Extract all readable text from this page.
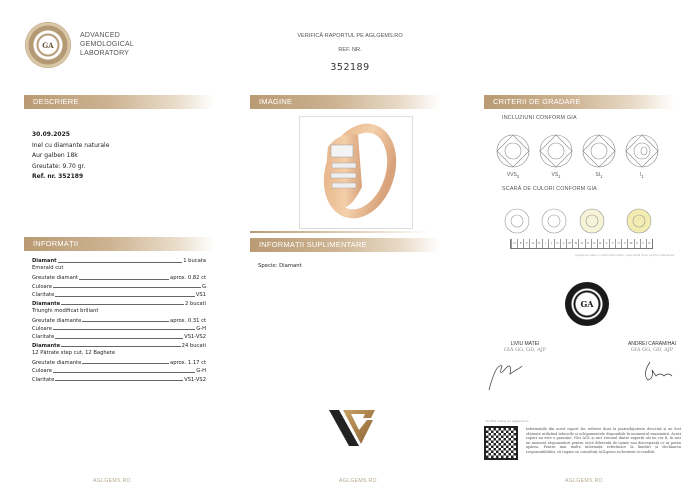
GA
ADVANCED
GEMOLOGICAL
LABORATORY
VERIFICĂ RAPORTUL PE AGLGEMS.RO
REF. NR.
352189
DESCRIERE	IMAGINE	CRITERII DE GRADARE
INFORMAȚII	INFORMAȚII SUPLIMENTARE
30.09.2025
Inel cu diamante naturale
Aur galben 18k
Greutate: 9.70 gr.
Ref. nr. 352189
Diamant	1 bucata
Emerald cut
Greutate diamant	aprox. 0.82 ct
Culoare	G
Claritate	VS1
Diamante	2 bucati
Triunghi modificat briliant
Greutate diamante	aprox. 0.31 ct
Culoare	G-H
Claritate	VS1-VS2
Diamante	24 bucati
12 Pătrate step cut, 12 Baghete
Greutate diamante	aprox. 1.17 ct
Culoare	G-H
Claritate	VS1-VS2
Specie: Diamant
INCLUZIUNI CONFORM GIA
$VVS_2$	$VS_1$	$SI_1$	$I_1$
SCARĂ DE CULORI CONFORM GIA
D	E	F	G	H	I	J	K	L	M	N	O	P	Q	R	S	T	U	V	W	X	Y	Z
Imaginea este cu titlu informativ, aplicabilă doar pentru diamante
GA
LIVIU MATEI
GIA GG, GD, AJP
ANDREI CARAMIHAI
GIA GG, GD, AJP
Verifică online pe aglgems.ro
Informațiile din acest raport fac referire doar la piatra/bijuteria descrisă și au fost obținute utilizând tehnicile și echipamentele disponibile în momentul examinării. Acest raport nu este o garanție. Nici AGL și nici vreunul dintre experții săi nu vor fi, în nici un moment răspunzători pentru orice diferență de opinie sau discrepanță ce ar putea apărea. Pentru mai multe informații referitoare la limitări și declinarea responsabilității, vă rugăm să consultați AGLgems.ro/termeni-si-conditii.
AGLGEMS.RO	AGLGEMS.RO	AGLGEMS.RO
